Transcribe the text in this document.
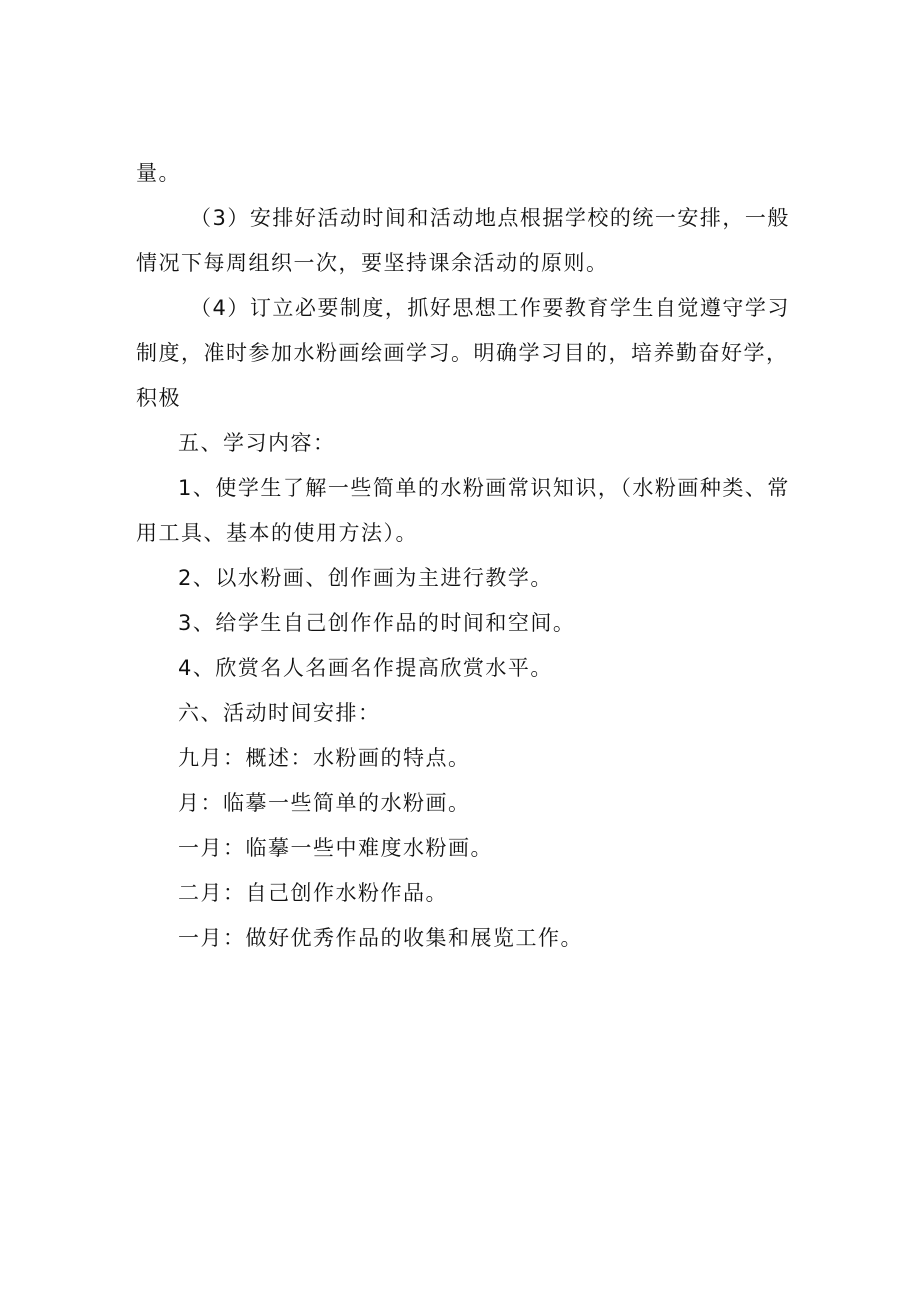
量。
（3）安排好活动时间和活动地点根据学校的统一安排，一般
情况下每周组织一次，要坚持课余活动的原则。
（4）订立必要制度，抓好思想工作要教育学生自觉遵守学习
制度，准时参加水粉画绘画学习。明确学习目的，培养勤奋好学，
积极
五、学习内容：
1、使学生了解一些简单的水粉画常识知识，（水粉画种类、常
用工具、基本的使用方法）。
2、以水粉画、创作画为主进行教学。
3、给学生自己创作作品的时间和空间。
4、欣赏名人名画名作提高欣赏水平。
六、活动时间安排：
九月：概述：水粉画的特点。
月：临摹一些简单的水粉画。
一月：临摹一些中难度水粉画。
二月：自己创作水粉作品。
一月：做好优秀作品的收集和展览工作。
